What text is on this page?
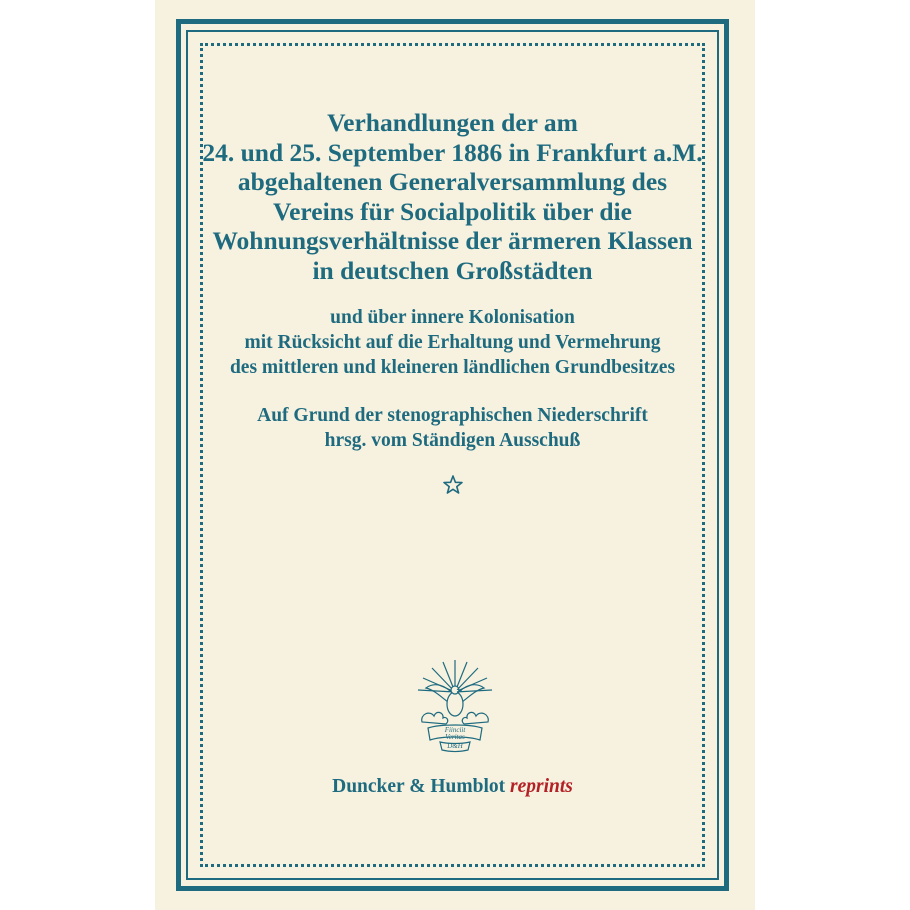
Verhandlungen der am
24. und 25. September 1886 in Frankfurt a.M.
abgehaltenen Generalversammlung des
Vereins für Socialpolitik über die
Wohnungsverhältnisse der ärmeren Klassen
in deutschen Großstädten
und über innere Kolonisation
mit Rücksicht auf die Erhaltung und Vermehrung
des mittleren und kleineren ländlichen Grundbesitzes
Auf Grund der stenographischen Niederschrift
hrsg. vom Ständigen Ausschuß
Fiinciit
Veritas
D&H
Duncker & Humblot reprints
